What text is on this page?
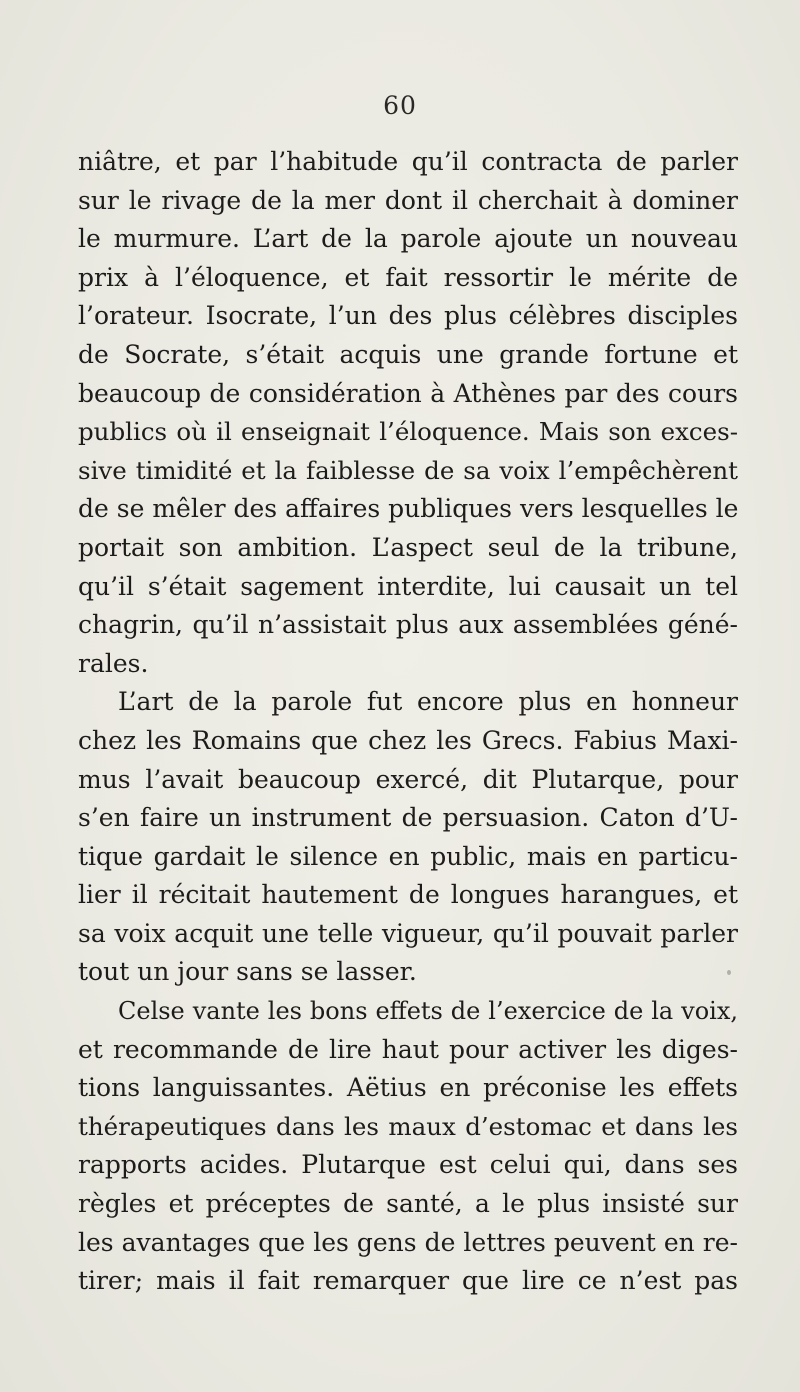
60
niâtre, et par l’habitude qu’il contracta de parler
sur le rivage de la mer dont il cherchait à dominer
le murmure. L’art de la parole ajoute un nouveau
prix à l’éloquence, et fait ressortir le mérite de
l’orateur. Isocrate, l’un des plus célèbres disciples
de Socrate, s’était acquis une grande fortune et
beaucoup de considération à Athènes par des cours
publics où il enseignait l’éloquence. Mais son exces-
sive timidité et la faiblesse de sa voix l’empêchèrent
de se mêler des affaires publiques vers lesquelles le
portait son ambition. L’aspect seul de la tribune,
qu’il s’était sagement interdite, lui causait un tel
chagrin, qu’il n’assistait plus aux assemblées géné-
rales.
L’art de la parole fut encore plus en honneur
chez les Romains que chez les Grecs. Fabius Maxi-
mus l’avait beaucoup exercé, dit Plutarque, pour
s’en faire un instrument de persuasion. Caton d’U-
tique gardait le silence en public, mais en particu-
lier il récitait hautement de longues harangues, et
sa voix acquit une telle vigueur, qu’il pouvait parler
tout un jour sans se lasser.
Celse vante les bons effets de l’exercice de la voix,
et recommande de lire haut pour activer les diges-
tions languissantes. Aëtius en préconise les effets
thérapeutiques dans les maux d’estomac et dans les
rapports acides. Plutarque est celui qui, dans ses
règles et préceptes de santé, a le plus insisté sur
les avantages que les gens de lettres peuvent en re-
tirer; mais il fait remarquer que lire ce n’est pas
